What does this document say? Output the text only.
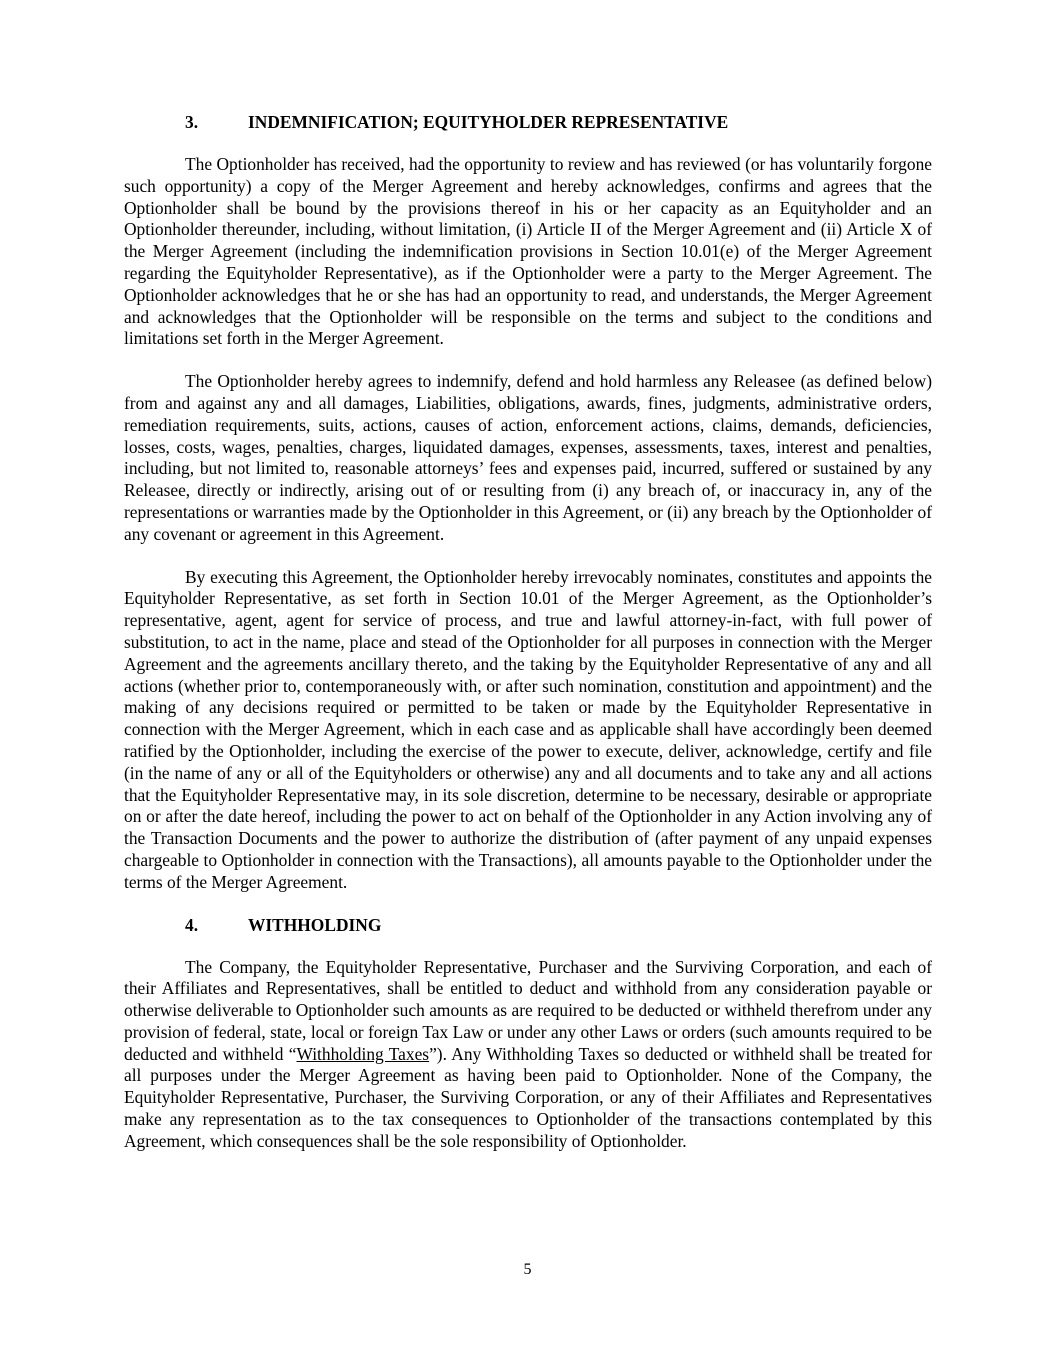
3.	INDEMNIFICATION; EQUITYHOLDER REPRESENTATIVE

The Optionholder has received, had the opportunity to review and has reviewed (or has voluntarily forgone such opportunity) a copy of the Merger Agreement and hereby acknowledges, confirms and agrees that the Optionholder shall be bound by the provisions thereof in his or her capacity as an Equityholder and an Optionholder thereunder, including, without limitation, (i) Article II of the Merger Agreement and (ii) Article X of the Merger Agreement (including the indemnification provisions in Section 10.01(e) of the Merger Agreement regarding the Equityholder Representative), as if the Optionholder were a party to the Merger Agreement. The Optionholder acknowledges that he or she has had an opportunity to read, and understands, the Merger Agreement and acknowledges that the Optionholder will be responsible on the terms and subject to the conditions and limitations set forth in the Merger Agreement.

The Optionholder hereby agrees to indemnify, defend and hold harmless any Releasee (as defined below) from and against any and all damages, Liabilities, obligations, awards, fines, judgments, administrative orders, remediation requirements, suits, actions, causes of action, enforcement actions, claims, demands, deficiencies, losses, costs, wages, penalties, charges, liquidated damages, expenses, assessments, taxes, interest and penalties, including, but not limited to, reasonable attorneys’ fees and expenses paid, incurred, suffered or sustained by any Releasee, directly or indirectly, arising out of or resulting from (i) any breach of, or inaccuracy in, any of the representations or warranties made by the Optionholder in this Agreement, or (ii) any breach by the Optionholder of any covenant or agreement in this Agreement.

By executing this Agreement, the Optionholder hereby irrevocably nominates, constitutes and appoints the Equityholder Representative, as set forth in Section 10.01 of the Merger Agreement, as the Optionholder’s representative, agent, agent for service of process, and true and lawful attorney-in-fact, with full power of substitution, to act in the name, place and stead of the Optionholder for all purposes in connection with the Merger Agreement and the agreements ancillary thereto, and the taking by the Equityholder Representative of any and all actions (whether prior to, contemporaneously with, or after such nomination, constitution and appointment) and the making of any decisions required or permitted to be taken or made by the Equityholder Representative in connection with the Merger Agreement, which in each case and as applicable shall have accordingly been deemed ratified by the Optionholder, including the exercise of the power to execute, deliver, acknowledge, certify and file (in the name of any or all of the Equityholders or otherwise) any and all documents and to take any and all actions that the Equityholder Representative may, in its sole discretion, determine to be necessary, desirable or appropriate on or after the date hereof, including the power to act on behalf of the Optionholder in any Action involving any of the Transaction Documents and the power to authorize the distribution of (after payment of any unpaid expenses chargeable to Optionholder in connection with the Transactions), all amounts payable to the Optionholder under the terms of the Merger Agreement.

4.	WITHHOLDING

The Company, the Equityholder Representative, Purchaser and the Surviving Corporation, and each of their Affiliates and Representatives, shall be entitled to deduct and withhold from any consideration payable or otherwise deliverable to Optionholder such amounts as are required to be deducted or withheld therefrom under any provision of federal, state, local or foreign Tax Law or under any other Laws or orders (such amounts required to be deducted and withheld “Withholding Taxes”). Any Withholding Taxes so deducted or withheld shall be treated for all purposes under the Merger Agreement as having been paid to Optionholder. None of the Company, the Equityholder Representative, Purchaser, the Surviving Corporation, or any of their Affiliates and Representatives make any representation as to the tax consequences to Optionholder of the transactions contemplated by this Agreement, which consequences shall be the sole responsibility of Optionholder.

5
